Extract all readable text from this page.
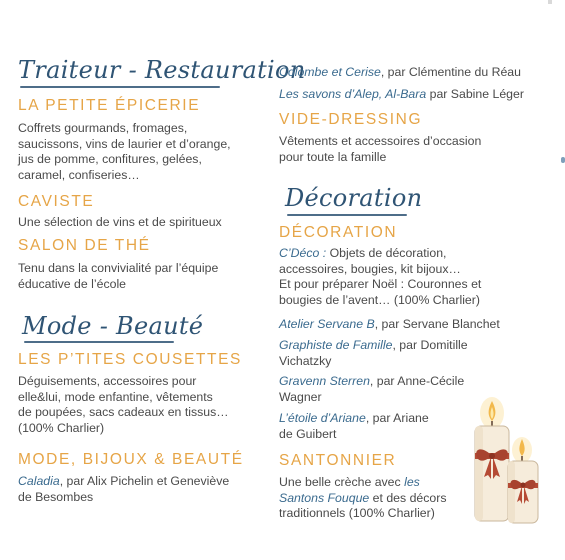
Traiteur - Restauration
LA PETITE ÉPICERIE
Coffrets gourmands, fromages,
saucissons, vins de laurier et d’orange,
jus de pomme, confitures, gelées,
caramel, confiseries…
CAVISTE
Une sélection de vins et de spiritueux
SALON DE THÉ
Tenu dans la convivialité par l’équipe
éducative de l’école
Mode - Beauté
LES P’TITES COUSETTES
Déguisements, accessoires pour
elle&lui, mode enfantine, vêtements
de poupées, sacs cadeaux en tissus…
(100% Charlier)
MODE, BIJOUX & BEAUTÉ
Caladia, par Alix Pichelin et Geneviève
de Besombes
Colombe et Cerise, par Clémentine du Réau
Les savons d’Alep, Al-Bara par Sabine Léger
VIDE-DRESSING
Vêtements et accessoires d’occasion
pour toute la famille
Décoration
DÉCORATION
C’Déco : Objets de décoration,
accessoires, bougies, kit bijoux…
Et pour préparer Noël : Couronnes et
bougies de l’avent… (100% Charlier)
Atelier Servane B, par Servane Blanchet
Graphiste de Famille, par Domitille
Vichatzky
Gravenn Sterren, par Anne-Cécile
Wagner
L’étoile d’Ariane, par Ariane
de Guibert
SANTONNIER
Une belle crèche avec les
Santons Fouque et des décors
traditionnels (100% Charlier)
